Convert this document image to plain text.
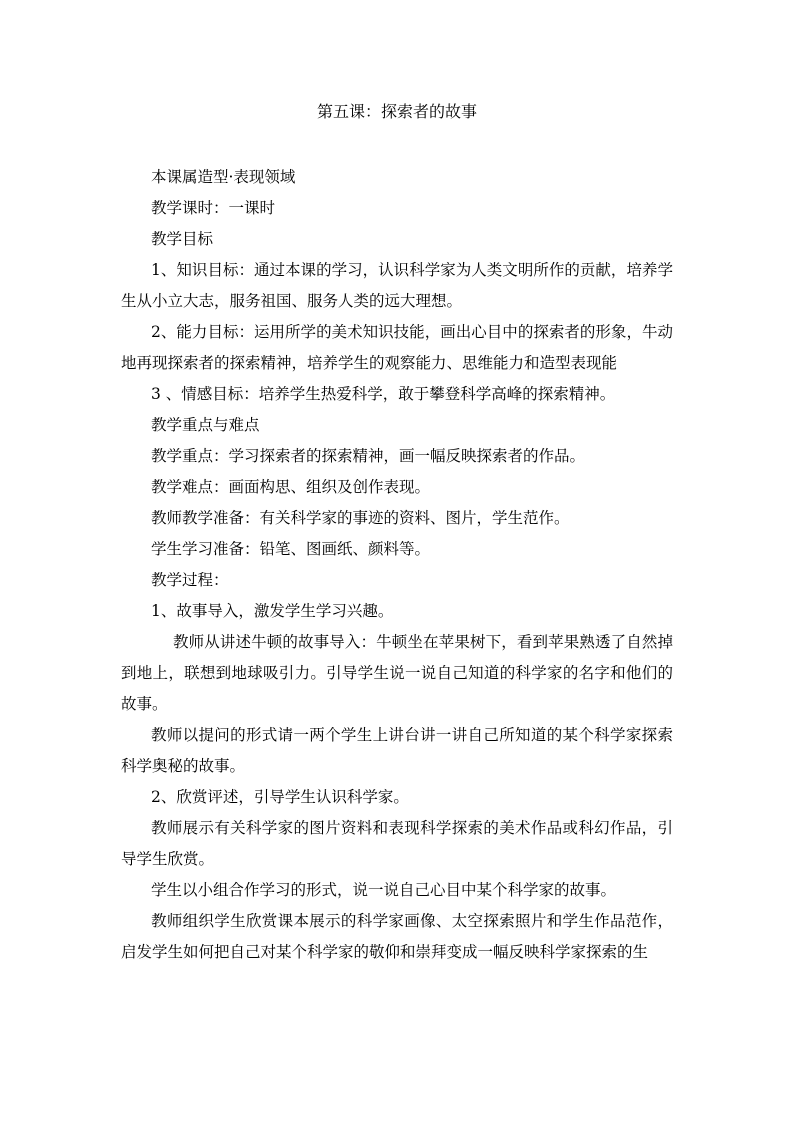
第五课：探索者的故事

本课属造型·表现领域

教学课时：一课时

教学目标

1、知识目标：通过本课的学习，认识科学家为人类文明所作的贡献，培养学生从小立大志，服务祖国、服务人类的远大理想。

2、能力目标：运用所学的美术知识技能，画出心目中的探索者的形象，牛动地再现探索者的探索精神，培养学生的观察能力、思维能力和造型表现能

3 、情感目标：培养学生热爱科学，敢于攀登科学高峰的探索精神。

教学重点与难点

教学重点：学习探索者的探索精神，画一幅反映探索者的作品。

教学难点：画面构思、组织及创作表现。

教师教学准备：有关科学家的事迹的资料、图片，学生范作。

学生学习准备：铅笔、图画纸、颜料等。

教学过程：

1、故事导入，激发学生学习兴趣。

教师从讲述牛顿的故事导入：牛顿坐在苹果树下，看到苹果熟透了自然掉到地上，联想到地球吸引力。引导学生说一说自己知道的科学家的名字和他们的故事。

教师以提问的形式请一两个学生上讲台讲一讲自己所知道的某个科学家探索科学奥秘的故事。

2、欣赏评述，引导学生认识科学家。

教师展示有关科学家的图片资料和表现科学探索的美术作品或科幻作品，引导学生欣赏。

学生以小组合作学习的形式，说一说自己心目中某个科学家的故事。

教师组织学生欣赏课本展示的科学家画像、太空探索照片和学生作品范作，启发学生如何把自己对某个科学家的敬仰和崇拜变成一幅反映科学家探索的生
